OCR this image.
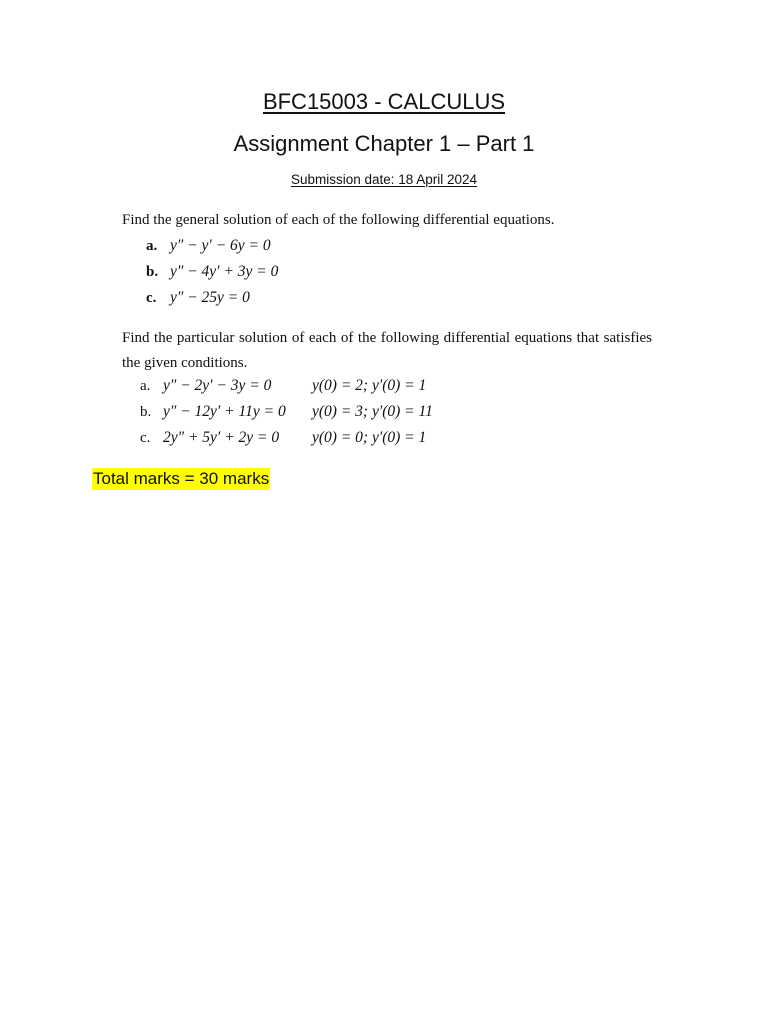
BFC15003 - CALCULUS
Assignment Chapter 1 – Part 1
Submission date: 18 April 2024
Find the general solution of each of the following differential equations.
a. y″ − y′ − 6y = 0
b. y″ − 4y′ + 3y = 0
c. y″ − 25y = 0
Find the particular solution of each of the following differential equations that satisfies the given conditions.
a. y″ − 2y′ − 3y = 0	y(0) = 2; y′(0) = 1
b. y″ − 12y′ + 11y = 0 y(0) = 3; y′(0) = 11
c. 2y″ + 5y′ + 2y = 0 y(0) = 0; y′(0) = 1
Total marks = 30 marks
